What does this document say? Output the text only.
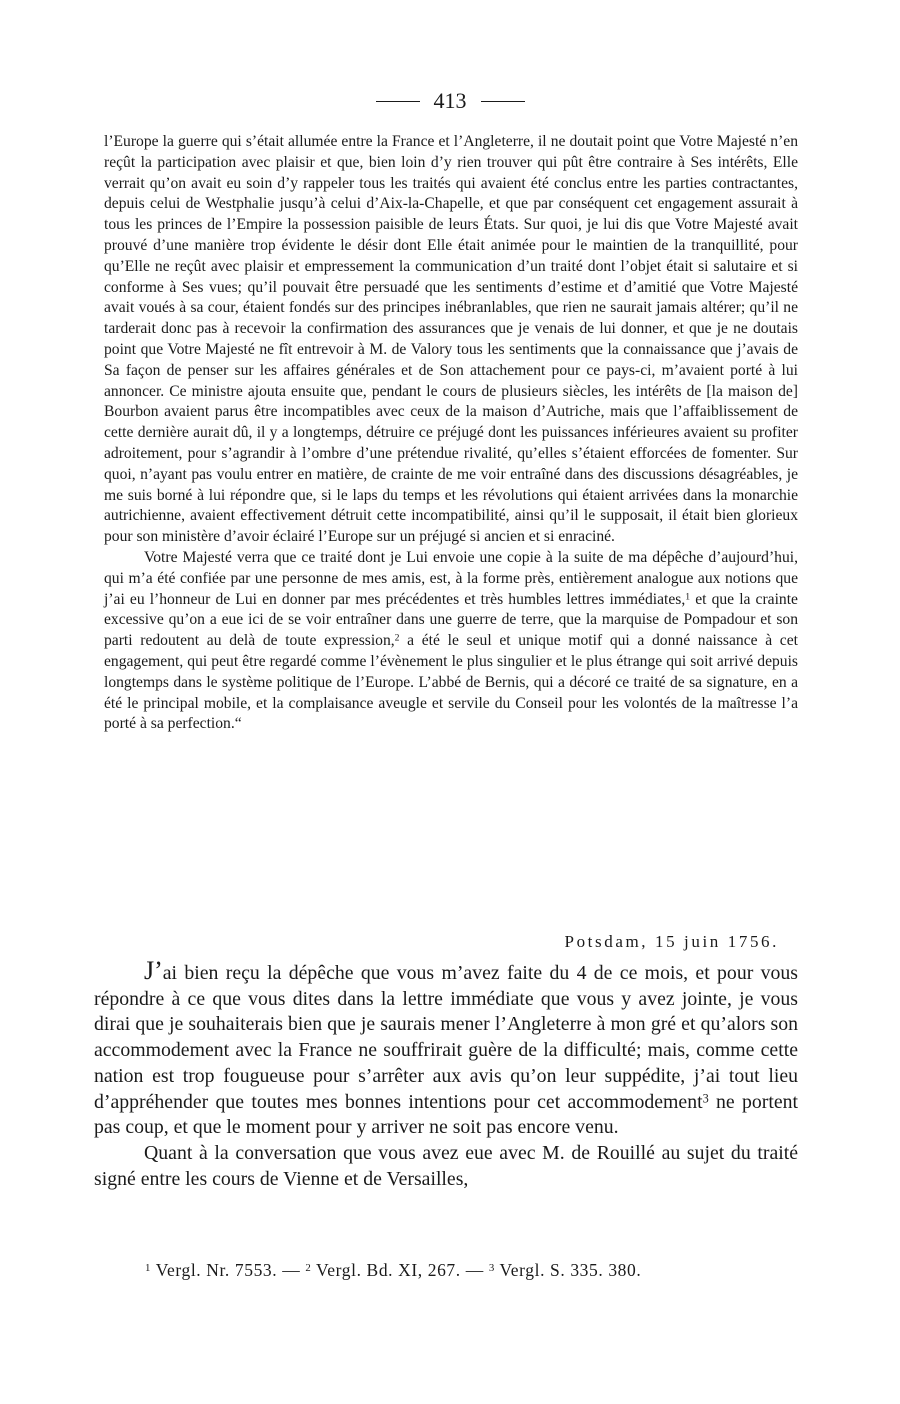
413

l’Europe la guerre qui s’était allumée entre la France et l’Angleterre, il ne doutait point que Votre Majesté n’en reçût la participation avec plaisir et que, bien loin d’y rien trouver qui pût être contraire à Ses intérêts, Elle verrait qu’on avait eu soin d’y rappeler tous les traités qui avaient été conclus entre les parties contractantes, depuis celui de Westphalie jusqu’à celui d’Aix-la-Chapelle, et que par conséquent cet engagement assurait à tous les princes de l’Empire la possession paisible de leurs États. Sur quoi, je lui dis que Votre Majesté avait prouvé d’une manière trop évidente le désir dont Elle était animée pour le maintien de la tranquillité, pour qu’Elle ne reçût avec plaisir et empressement la communication d’un traité dont l’objet était si salutaire et si conforme à Ses vues; qu’il pouvait être persuadé que les sentiments d’estime et d’amitié que Votre Majesté avait voués à sa cour, étaient fondés sur des principes inébranlables, que rien ne saurait jamais altérer; qu’il ne tarderait donc pas à recevoir la confirmation des assurances que je venais de lui donner, et que je ne doutais point que Votre Majesté ne fît entrevoir à M. de Valory tous les sentiments que la connaissance que j’avais de Sa façon de penser sur les affaires générales et de Son attachement pour ce pays-ci, m’avaient porté à lui annoncer. Ce ministre ajouta ensuite que, pendant le cours de plusieurs siècles, les intérêts de [la maison de] Bourbon avaient parus être incompatibles avec ceux de la maison d’Autriche, mais que l’affaiblissement de cette dernière aurait dû, il y a longtemps, détruire ce préjugé dont les puissances inférieures avaient su profiter adroitement, pour s’agrandir à l’ombre d’une prétendue rivalité, qu’elles s’étaient efforcées de fomenter. Sur quoi, n’ayant pas voulu entrer en matière, de crainte de me voir entraîné dans des discussions désagréables, je me suis borné à lui répondre que, si le laps du temps et les révolutions qui étaient arrivées dans la monarchie autrichienne, avaient effectivement détruit cette incompatibilité, ainsi qu’il le supposait, il était bien glorieux pour son ministère d’avoir éclairé l’Europe sur un préjugé si ancien et si enraciné.

Votre Majesté verra que ce traité dont je Lui envoie une copie à la suite de ma dépêche d’aujourd’hui, qui m’a été confiée par une personne de mes amis, est, à la forme près, entièrement analogue aux notions que j’ai eu l’honneur de Lui en donner par mes précédentes et très humbles lettres immédiates,$^1$ et que la crainte excessive qu’on a eue ici de se voir entraîner dans une guerre de terre, que la marquise de Pompadour et son parti redoutent au delà de toute expression,$^2$ a été le seul et unique motif qui a donné naissance à cet engagement, qui peut être regardé comme l’évènement le plus singulier et le plus étrange qui soit arrivé depuis longtemps dans le système politique de l’Europe. L’abbé de Bernis, qui a décoré ce traité de sa signature, en a été le principal mobile, et la complaisance aveugle et servile du Conseil pour les volontés de la maîtresse l’a porté à sa perfection.“

Potsdam, 15 juin 1756.

J’ai bien reçu la dépêche que vous m’avez faite du 4 de ce mois, et pour vous répondre à ce que vous dites dans la lettre immédiate que vous y avez jointe, je vous dirai que je souhaiterais bien que je saurais mener l’Angleterre à mon gré et qu’alors son accommodement avec la France ne souffrirait guère de la difficulté; mais, comme cette nation est trop fougueuse pour s’arrêter aux avis qu’on leur suppédite, j’ai tout lieu d’appréhender que toutes mes bonnes intentions pour cet accommodement$^3$ ne portent pas coup, et que le moment pour y arriver ne soit pas encore venu.

Quant à la conversation que vous avez eue avec M. de Rouillé au sujet du traité signé entre les cours de Vienne et de Versailles,

$^1$ Vergl. Nr. 7553. — $^2$ Vergl. Bd. XI, 267. — $^3$ Vergl. S. 335. 380.
